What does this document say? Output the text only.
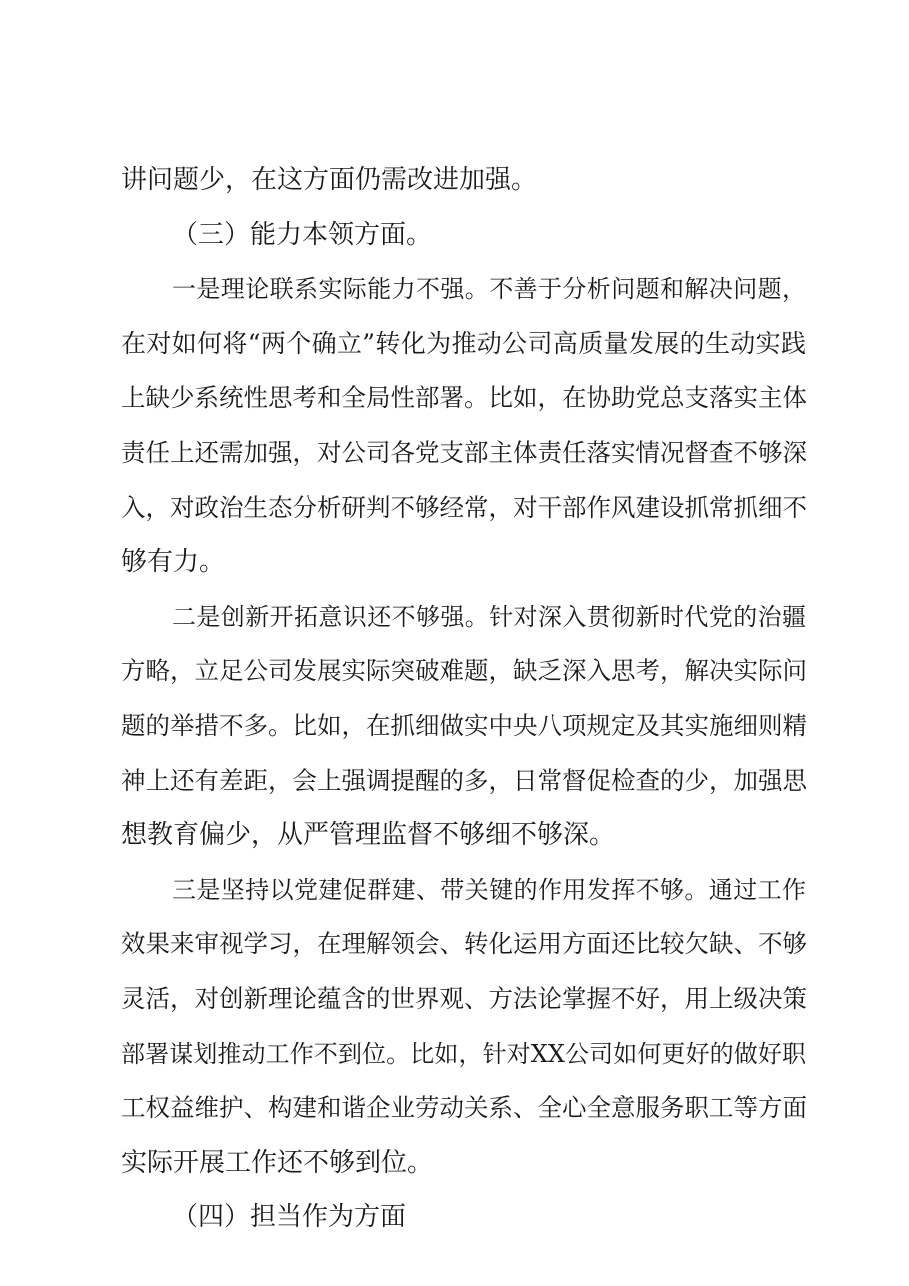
讲问题少，在这方面仍需改进加强。
（三）能力本领方面。
一是理论联系实际能力不强。不善于分析问题和解决问题，
在对如何将“两个确立”转化为推动公司高质量发展的生动实践
上缺少系统性思考和全局性部署。比如，在协助党总支落实主体
责任上还需加强，对公司各党支部主体责任落实情况督查不够深
入，对政治生态分析研判不够经常，对干部作风建设抓常抓细不
够有力。
二是创新开拓意识还不够强。针对深入贯彻新时代党的治疆
方略，立足公司发展实际突破难题，缺乏深入思考，解决实际问
题的举措不多。比如，在抓细做实中央八项规定及其实施细则精
神上还有差距，会上强调提醒的多，日常督促检查的少，加强思
想教育偏少，从严管理监督不够细不够深。
三是坚持以党建促群建、带关键的作用发挥不够。通过工作
效果来审视学习，在理解领会、转化运用方面还比较欠缺、不够
灵活，对创新理论蕴含的世界观、方法论掌握不好，用上级决策
部署谋划推动工作不到位。比如，针对XX公司如何更好的做好职
工权益维护、构建和谐企业劳动关系、全心全意服务职工等方面
实际开展工作还不够到位。
（四）担当作为方面
